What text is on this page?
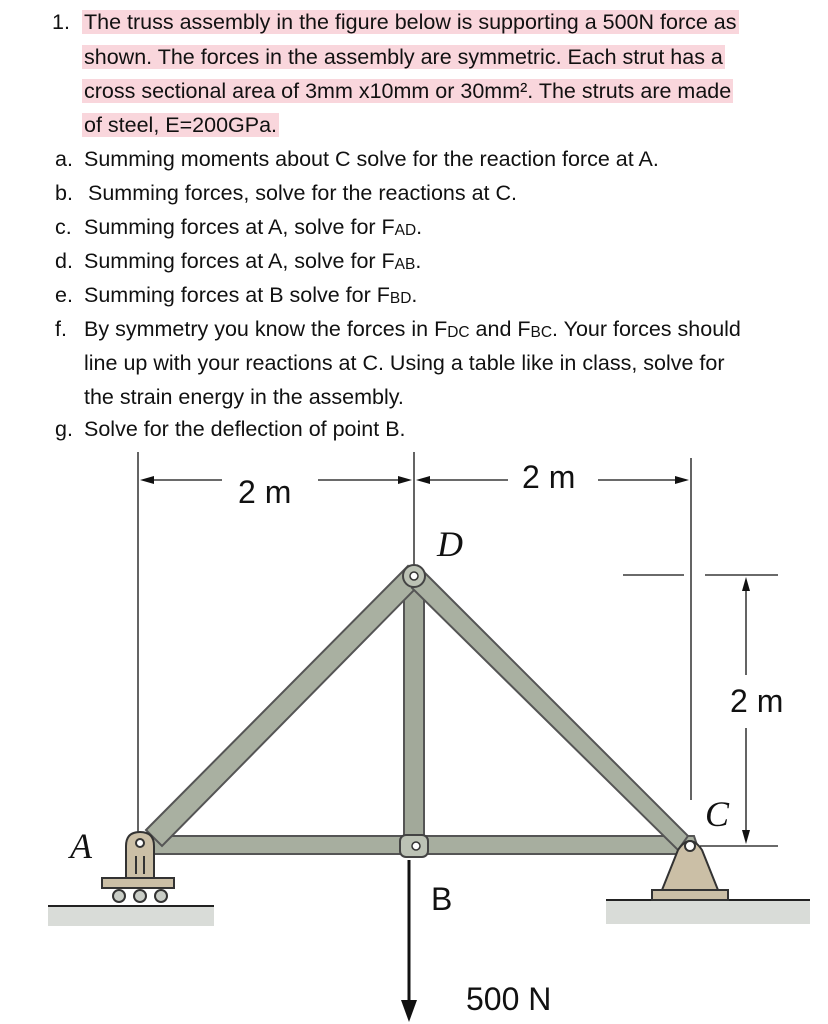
1. The truss assembly in the figure below is supporting a 500N force as
shown. The forces in the assembly are symmetric. Each strut has a
cross sectional area of 3mm x10mm or 30mm². The struts are made
of steel, E=200GPa.
a. Summing moments about C solve for the reaction force at A.
b. Summing forces, solve for the reactions at C.
c. Summing forces at A, solve for FAD.
d. Summing forces at A, solve for FAB.
e. Summing forces at B solve for FBD.
f. By symmetry you know the forces in FDC and FBC. Your forces should
line up with your reactions at C. Using a table like in class, solve for
the strain energy in the assembly.
g. Solve for the deflection of point B.
2 m	2 m
2 m
D
A
C
B
500 N
